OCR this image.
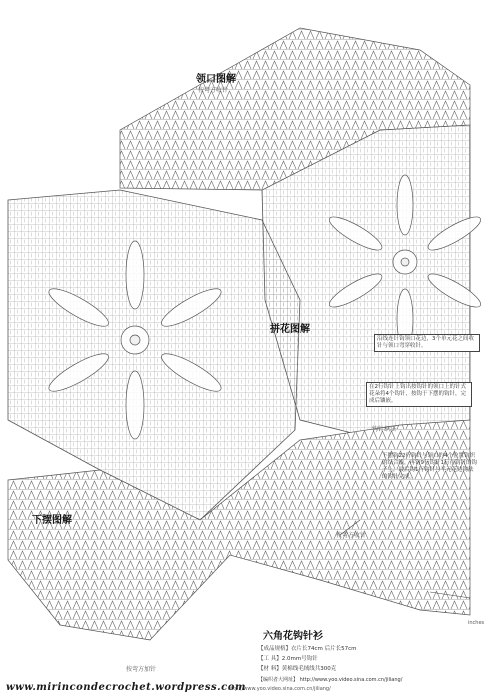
领口图解
按弯方收针
拼花图解
下摆图解
按弯方加针
按弯方收针
钩针织法
沿线连针钩领口花边，3个单元花之间收针与领口弯穿收针。
在2行钩针上钩出按钩针的领口上的针式花朵将4个钩针，按钩于下摆的钩针，完成后镶嵌。
下摆钩22行钩针与领口的4个位置钩织的结合线，再钩9行钩针1行在钩针的钩子上，最后钩1行钩针与半元花边钩法的钩针完成。
六角花钩针衫
【成品规格】衣片长74cm 后片长57cm
【工 具】2.0mm号钩针
【材 料】黄棉线毛绒线共300克
【编织者大网址】 http://www.yoo.video.sina.com.cn/jiliang/
www.mirincondecrochet.wordpress.com
http://www.yoo.video.sina.com.cn/jiliang/
inches
